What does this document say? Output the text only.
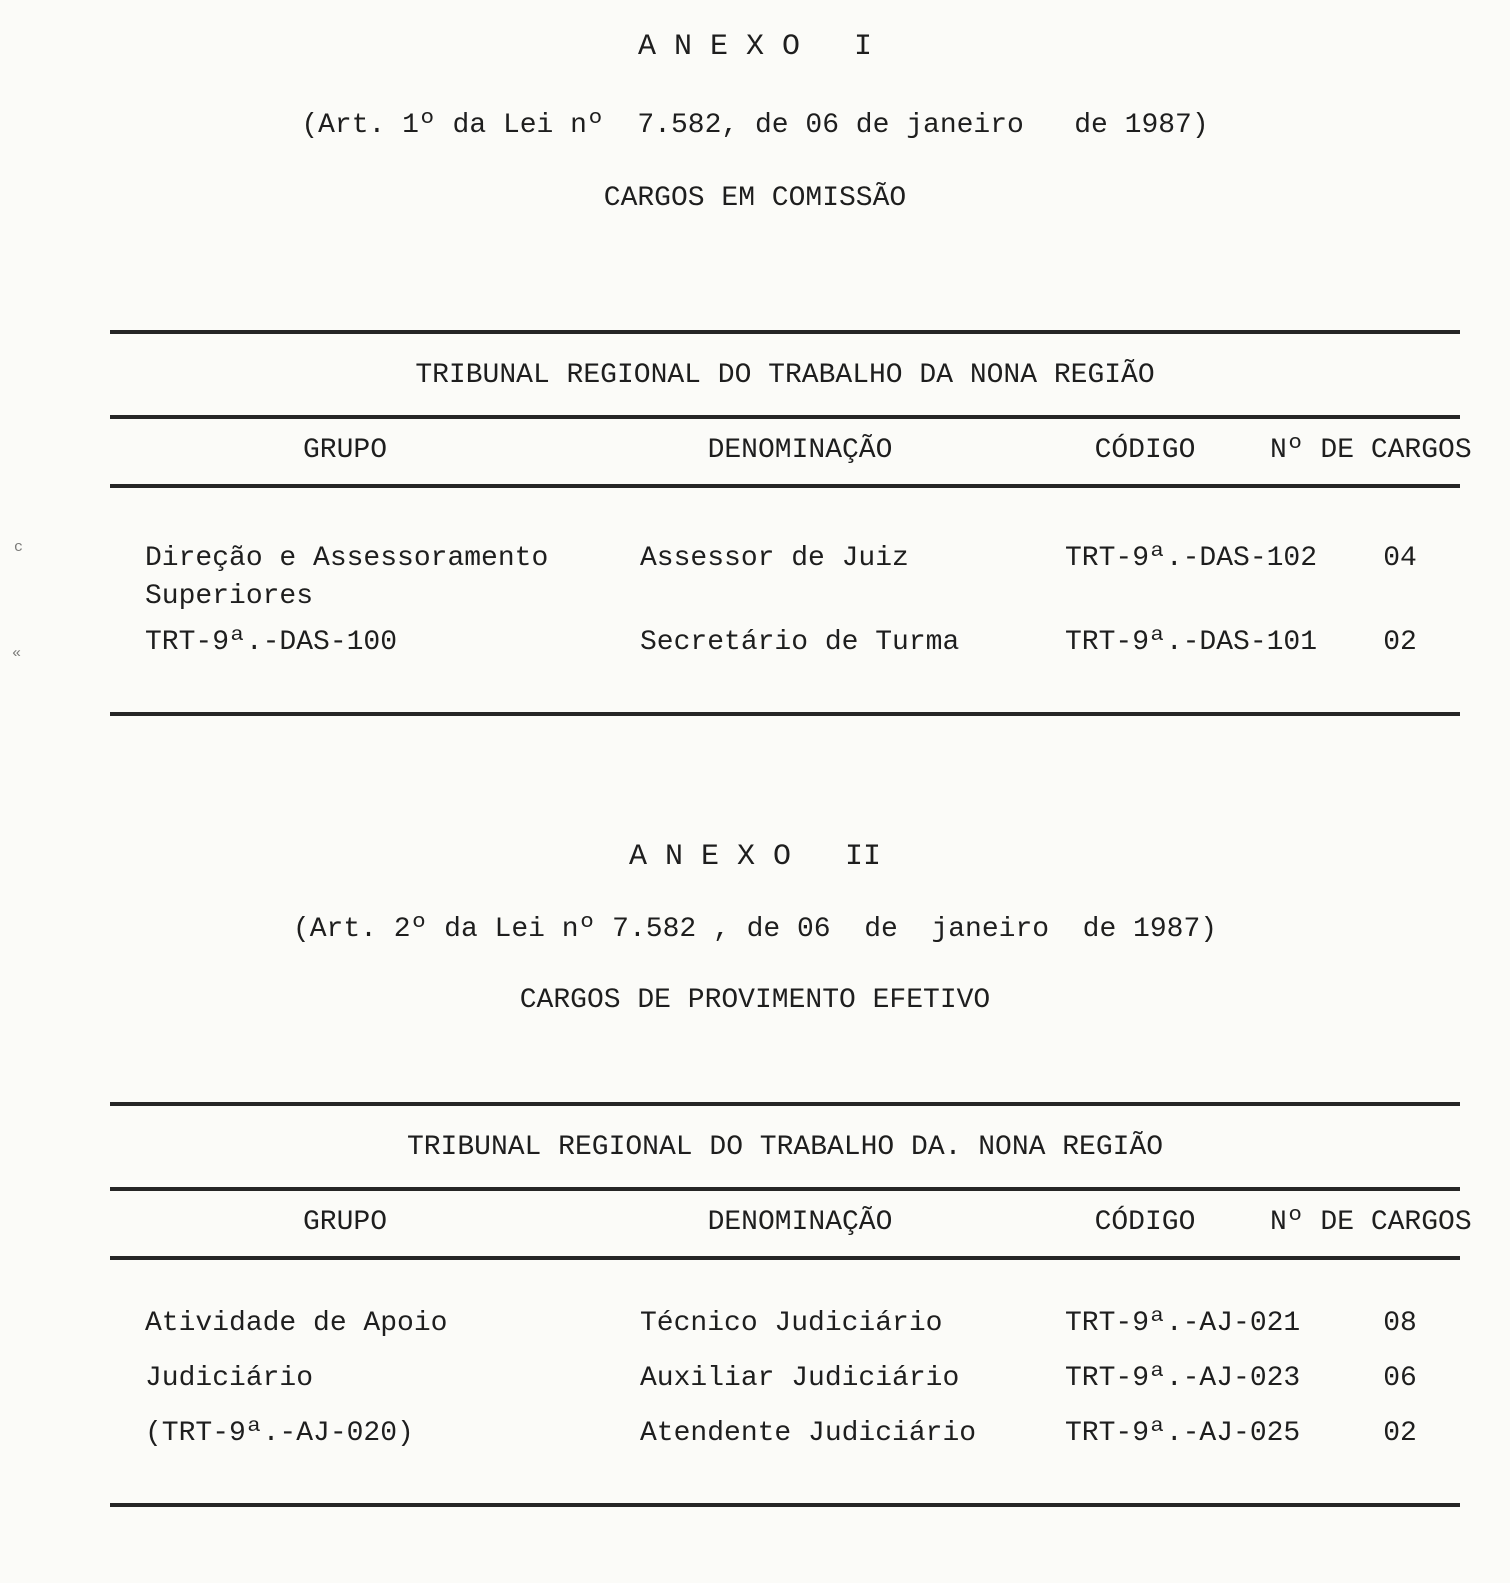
c
«
A N E X O   I
(Art. 1º da Lei nº  7.582, de 06 de janeiro   de 1987)
CARGOS EM COMISSÃO
TRIBUNAL REGIONAL DO TRABALHO DA NONA REGIÃO
GRUPO	DENOMINAÇÃO	CÓDIGO	Nº DE CARGOS
Direção e Assessoramento	Assessor de Juiz	TRT-9ª.-DAS-102	04
Superiores
TRT-9ª.-DAS-100	Secretário de Turma	TRT-9ª.-DAS-101	02
A N E X O   II
(Art. 2º da Lei nº 7.582 , de 06  de  janeiro  de 1987)
CARGOS DE PROVIMENTO EFETIVO
TRIBUNAL REGIONAL DO TRABALHO DA. NONA REGIÃO
GRUPO	DENOMINAÇÃO	CÓDIGO	Nº DE CARGOS
Atividade de Apoio	Técnico Judiciário	TRT-9ª.-AJ-021	08
Judiciário	Auxiliar Judiciário	TRT-9ª.-AJ-023	06
(TRT-9ª.-AJ-020)	Atendente Judiciário	TRT-9ª.-AJ-025	02
